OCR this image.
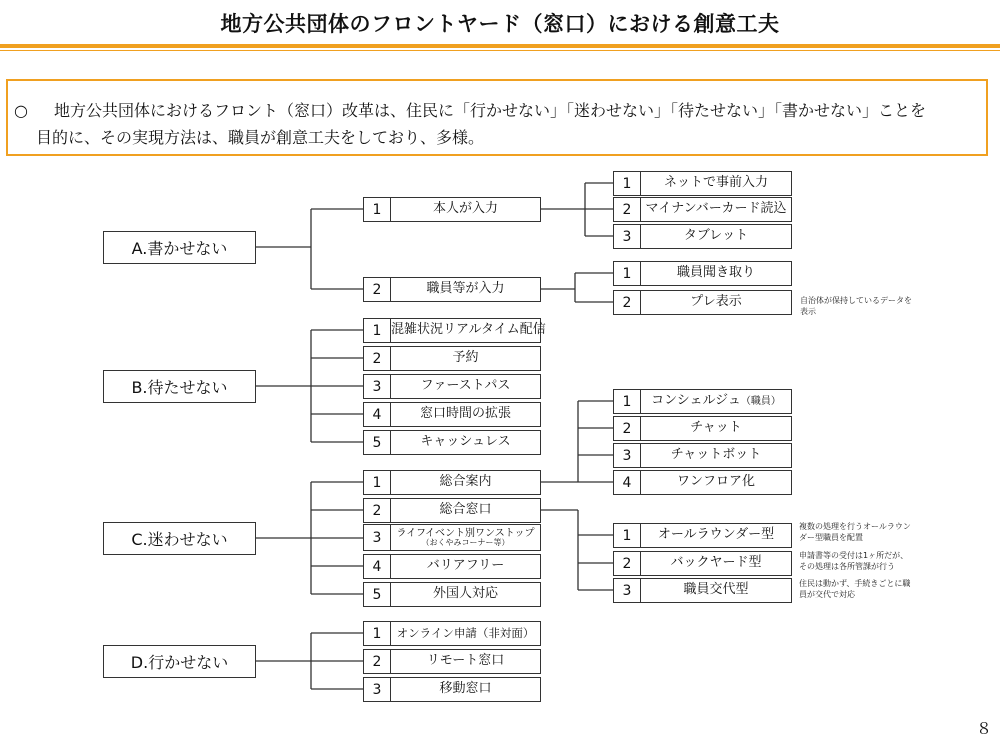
地方公共団体のフロントヤード（窓口）における創意工夫
○ 地方公共団体におけるフロント（窓口）改革は、住民に「行かせない」「迷わせない」「待たせない」「書かせない」ことを
目的に、その実現方法は、職員が創意工夫をしており、多様。
A.書かせない
B.待たせない
C.迷わせない
D.行かせない
1	本人が入力
2	職員等が入力
1	ネットで事前入力
2	マイナンバーカード読込
3	タブレット
1	職員聞き取り
2	プレ表示	自治体が保持しているデータを
表示
1 混雑状況リアルタイム配信
2	予約
3	ファーストパス
4	窓口時間の拡張
5	キャッシュレス
1	総合案内
2	総合窓口
3	ライフイベント別ワンストップ
（おくやみコーナー等）
4	バリアフリー
5	外国人対応
1	コンシェルジュ （職員）
2	チャット
3	チャットボット
4	ワンフロア化
1	オールラウンダー型
2	バックヤード型
3	職員交代型
複数の処理を行うオールラウン
ダー型職員を配置
申請書等の受付は1ヶ所だが、
その処理は各所管課が行う
住民は動かず、手続きごとに職
員が交代で対応
1	オンライン申請（非対面）
2	リモート窓口
3	移動窓口
８
